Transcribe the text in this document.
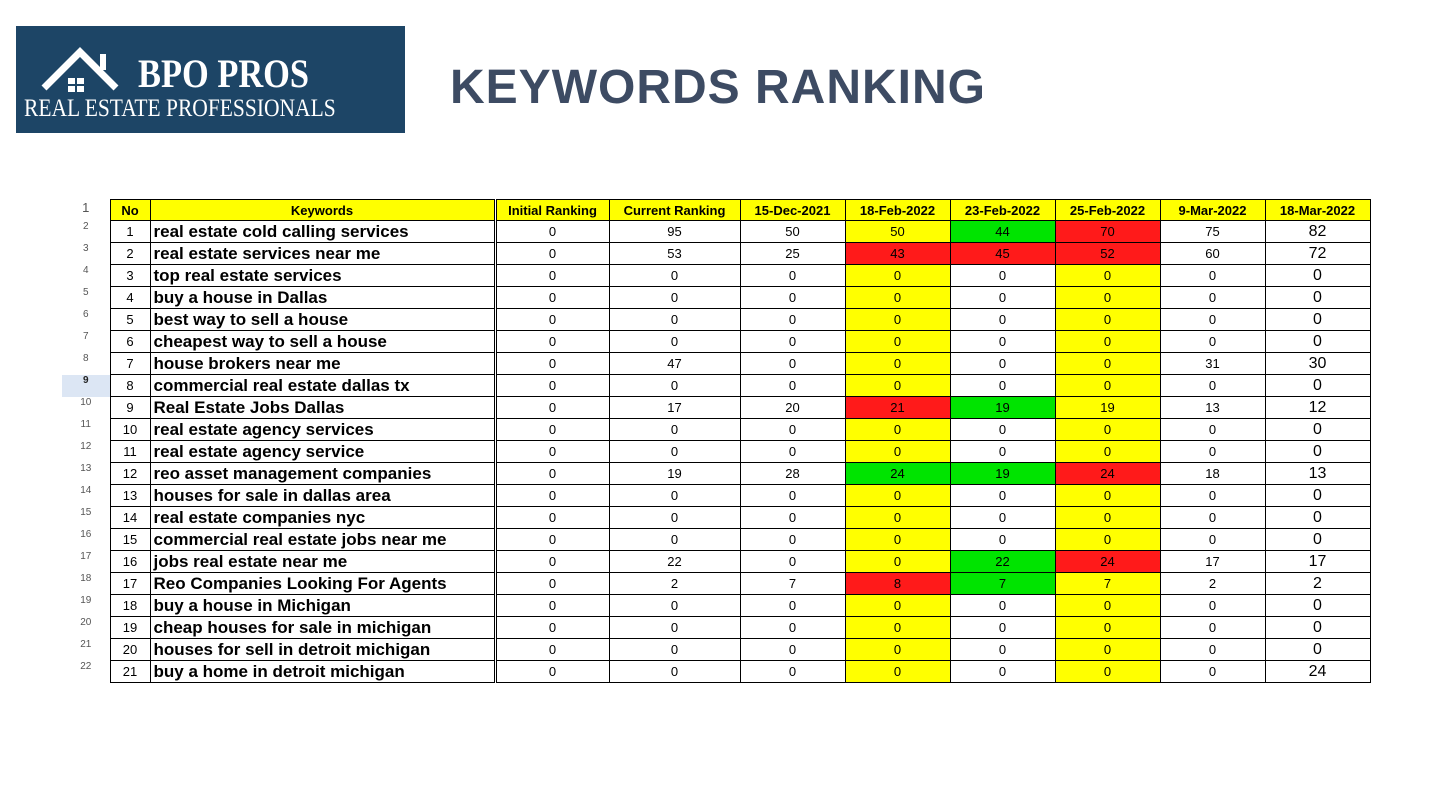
BPO PROS
REAL ESTATE PROFESSIONALS KEYWORDS RANKING
1	No	Keywords	Initial Ranking	Current Ranking	15-Dec-2021	18-Feb-2022	23-Feb-2022	25-Feb-2022	9-Mar-2022	18-Mar-2022
2	1	real estate cold calling services	0	95	50	50	44	70	75	82
3	2	real estate services near me	0	53	25	43	45	52	60	72
4	3	top real estate services	0	0	0	0	0	0	0	0
5	4	buy a house in Dallas	0	0	0	0	0	0	0	0
6	5	best way to sell a house	0	0	0	0	0	0	0	0
7	6	cheapest way to sell a house	0	0	0	0	0	0	0	0
8	7	house brokers near me	0	47	0	0	0	0	31	30
9	8	commercial real estate dallas tx	0	0	0	0	0	0	0	0
10	9	Real Estate Jobs Dallas	0	17	20	21	19	19	13	12
11	10	real estate agency services	0	0	0	0	0	0	0	0
12	11	real estate agency service	0	0	0	0	0	0	0	0
13	12	reo asset management companies	0	19	28	24	19	24	18	13
14	13	houses for sale in dallas area	0	0	0	0	0	0	0	0
15	14	real estate companies nyc	0	0	0	0	0	0	0	0
16	15	commercial real estate jobs near me	0	0	0	0	0	0	0	0
17	16	jobs real estate near me	0	22	0	0	22	24	17	17
18	17	Reo Companies Looking For Agents	0	2	7	8	7	7	2	2
19	18	buy a house in Michigan	0	0	0	0	0	0	0	0
20	19	cheap houses for sale in michigan	0	0	0	0	0	0	0	0
21	20	houses for sell in detroit michigan	0	0	0	0	0	0	0	0
22	21	buy a home in detroit michigan	0	0	0	0	0	0	0	24
